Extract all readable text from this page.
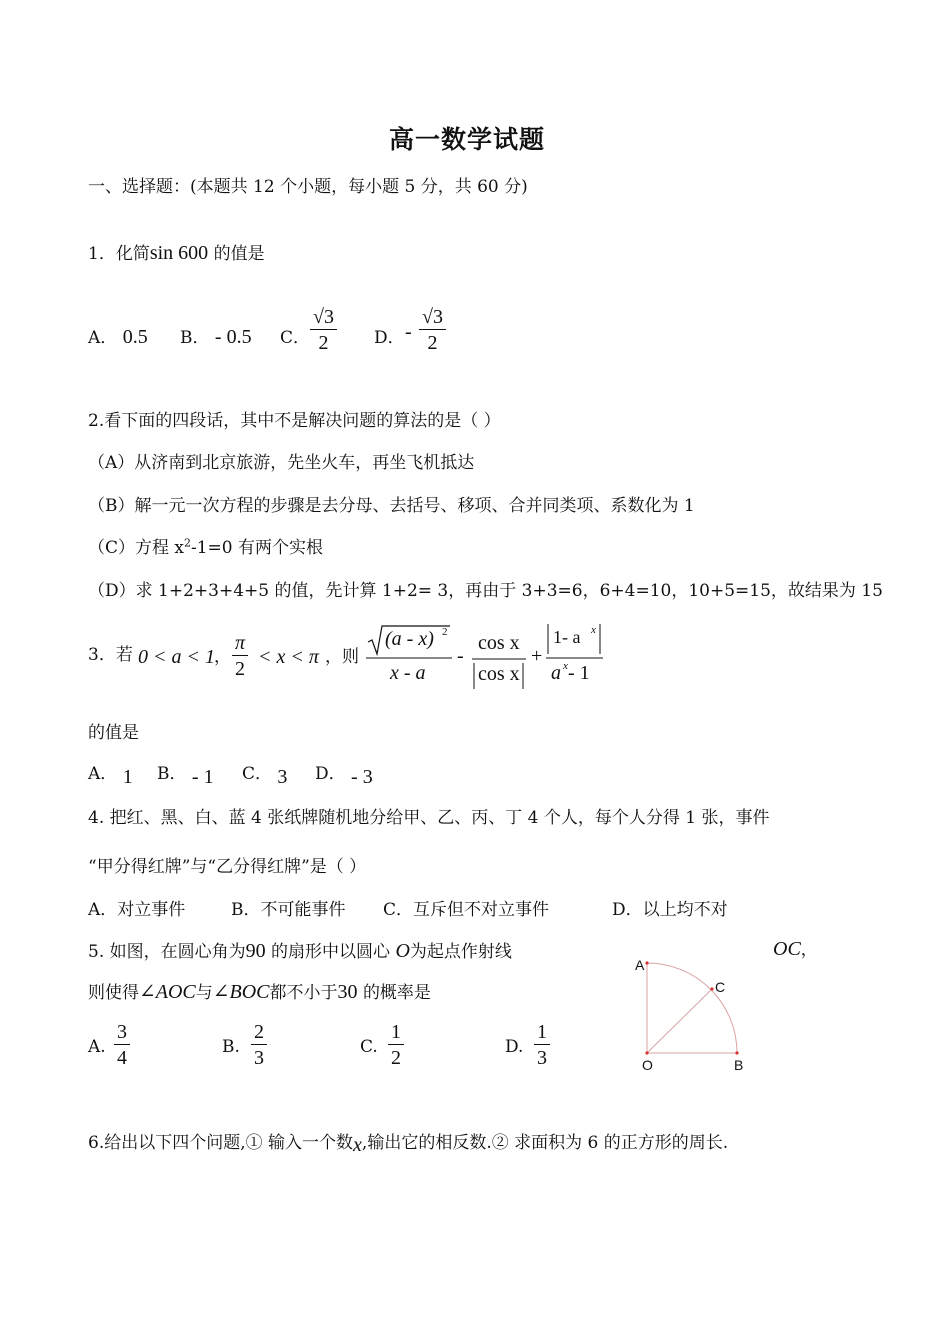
高一数学试题
一、选择题：(本题共 12 个小题，每小题 5 分，共 60 分)
1．化简sin 600 的值是
A． 0.5 B． - 0.5 C．
√3
2	D． -
√3
2
2.看下面的四段话，其中不是解决问题的算法的是（ ）
（A）从济南到北京旅游，先坐火车，再坐飞机抵达
（B）解一元一次方程的步骤是去分母、去括号、移项、合并同类项、系数化为 1
（C）方程 $x^2-1=0$ 有两个实根
（D）求 1+2+3+4+5 的值，先计算 1+2= 3，再由于 3+3=6，6+4=10，10+5=15，故结果为 15
3．若 0 < a < 1 ，
π
2
< x < π ，则
(a - x) 2
x - a
-
cos x
cos x
+
1- a x
a x - 1
的值是
A． 1 B． - 1 C． 3 D． - 3
4. 把红、黑、白、蓝 4 张纸牌随机地分给甲、乙、丙、丁 4 个人，每个人分得 1 张，事件
“甲分得红牌”与“乙分得红牌”是（ ）
A．对立事件	B．不可能事件 C．互斥但不对立事件	D．以上均不对
5. 如图，在圆心角为90 的扇形中以圆心 O为起点作射线	OC，
则使得∠AOC与∠BOC都不小于30 的概率是
A.
3
4	B.
2
3	C.
1
2	D.
1
3
A
C
O	B
6.给出以下四个问题,① 输入一个数x,输出它的相反数.② 求面积为 6 的正方形的周长.
